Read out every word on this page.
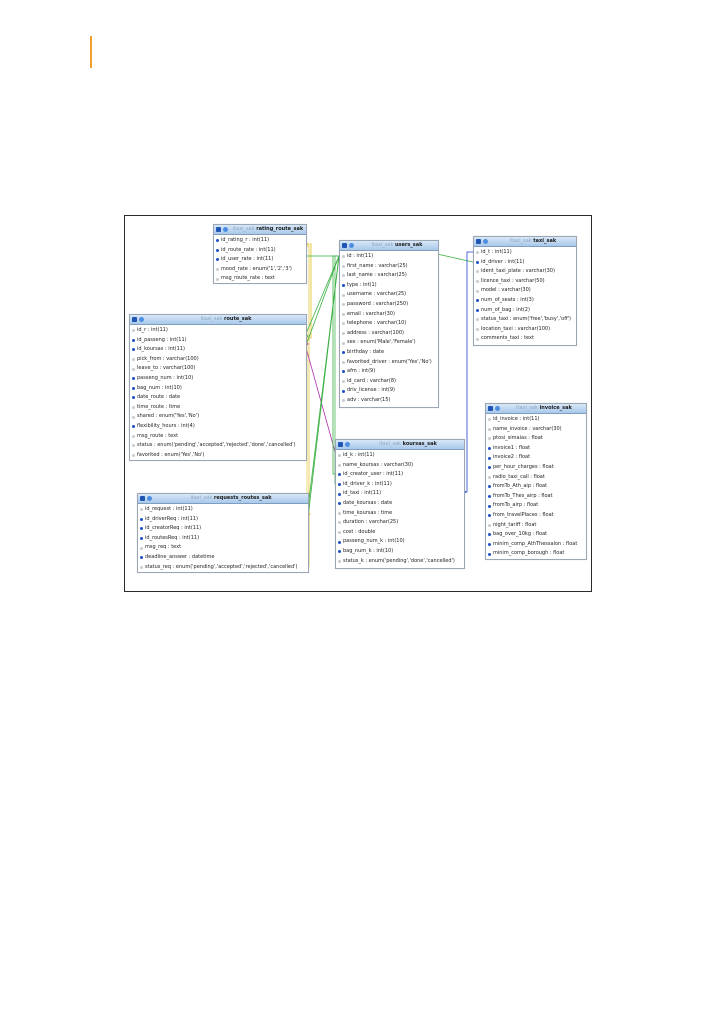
itaxi_sak rating_route_sak
id_rating_r : int(11)
id_route_rate : int(11)
id_user_rate : int(11)
mood_rate : enum('1','2','3')
msg_route_rate : text
itaxi_sak users_sak
id : int(11)
first_name : varchar(25)
last_name : varchar(25)
type : int(1)
username : varchar(25)
password : varchar(250)
email : varchar(30)
telephone : varchar(10)
address : varchar(100)
sex : enum('Male','Female')
birthday : date
favorited_driver : enum('Yes','No')
afm : int(9)
id_card : varchar(8)
driv_license : int(9)
adv : varchar(15)
itaxi_sak taxi_sak
id_t : int(11)
id_driver : int(11)
ident_taxi_plate : varchar(30)
licence_taxi : varchar(50)
model : varchar(30)
num_of_seats : int(3)
num_of_bag : int(2)
status_taxi : enum('free','busy','off')
location_taxi : varchar(100)
comments_taxi : text
itaxi_sak route_sak
id_r : int(11)
id_passeng : int(11)
id_koursas : int(11)
pick_from : varchar(100)
leave_to : varchar(100)
passeng_num : int(10)
bag_num : int(10)
date_route : date
time_route : time
shared : enum('Yes','No')
flexibility_hours : int(4)
msg_route : text
status : enum('pending','accepted','rejected','done','cancelled')
favorited : enum('Yes','No')
itaxi_sak invoice_sak
id_invoice : int(11)
name_invoice : varchar(30)
ptosi_simaias : float
invoice1 : float
invoice2 : float
per_hour_charges : float
radio_taxi_call : float
fromTo_Ath_aip : float
fromTo_Thes_airp : float
fromTo_airp : float
from_travelPlaces : float
night_tariff : float
bag_over_10kg : float
minim_comp_AthThessalon : float
minim_comp_borough : float
itaxi_sak koursas_sak
id_k : int(11)
name_koursas : varchar(30)
id_creator_user : int(11)
id_driver_k : int(11)
id_taxi : int(11)
date_koursas : date
time_koursas : time
duration : varchar(25)
cost : double
passeng_num_k : int(10)
bag_num_k : int(10)
status_k : enum('pending','done','cancelled')
itaxi_sak requests_routes_sak
id_request : int(11)
id_driverReq : int(11)
id_creatorReq : int(11)
id_routesReq : int(11)
msg_req : text
deadline_answer : datetime
status_req : enum('pending','accepted','rejected','cancelled')
